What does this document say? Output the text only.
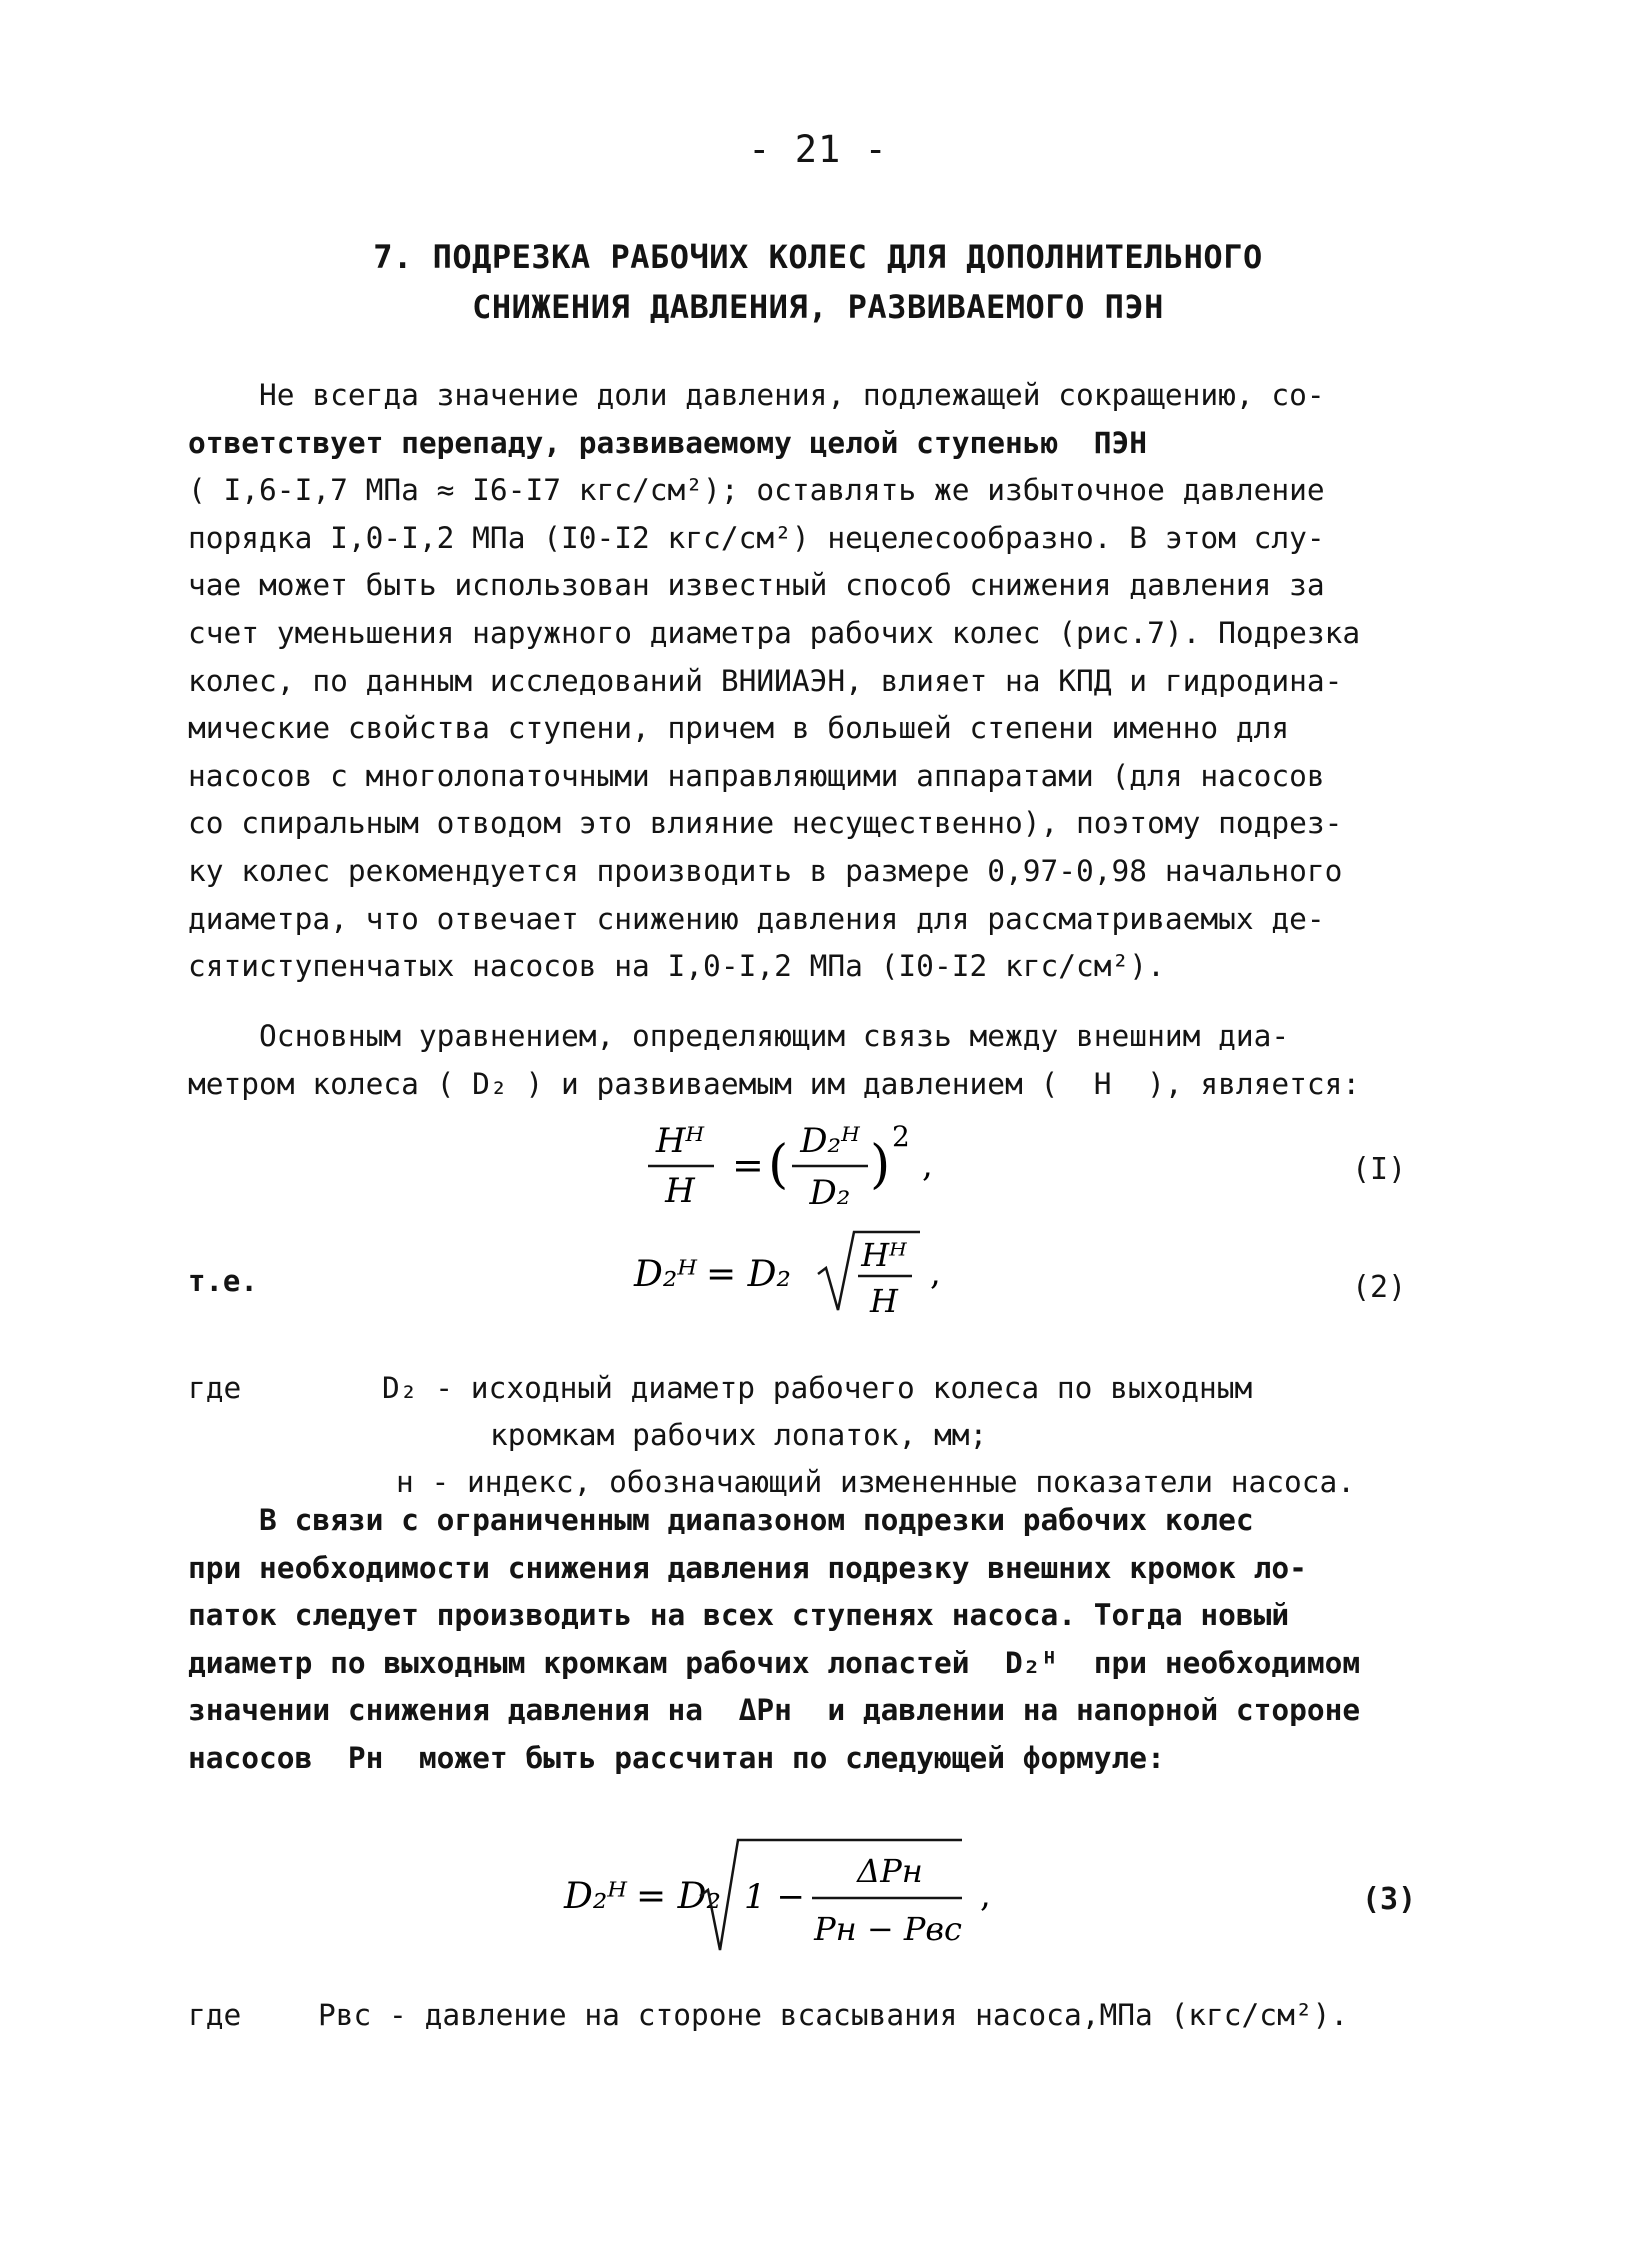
- 21 -
7. ПОДРЕЗКА РАБОЧИХ КОЛЕС ДЛЯ ДОПОЛНИТЕЛЬНОГО
СНИЖЕНИЯ ДАВЛЕНИЯ, РАЗВИВАЕМОГО ПЭН
Не всегда значение доли давления, подлежащей сокращению, со-
ответствует перепаду, развиваемому целой ступенью  ПЭН
( I,6-I,7 МПа ≈ I6-I7 кгс/см²); оставлять же избыточное давление
порядка I,0-I,2 МПа (I0-I2 кгс/см²) нецелесообразно. В этом слу-
чае может быть использован известный способ снижения давления за
счет уменьшения наружного диаметра рабочих колес (рис.7). Подрезка
колес, по данным исследований ВНИИАЭН, влияет на КПД и гидродина-
мические свойства ступени, причем в большей степени именно для
насосов с многолопаточными направляющими аппаратами (для насосов
со спиральным отводом это влияние несущественно), поэтому подрез-
ку колес рекомендуется производить в размере 0,97-0,98 начального
диаметра, что отвечает снижению давления для рассматриваемых де-
сятиступенчатых насосов на I,0-I,2 МПа (I0-I2 кгс/см²).
Основным уравнением, определяющим связь между внешним диа-
метром колеса ( D₂ ) и развиваемым им давлением (  H  ), является:
Hᴴ
H
= ( D₂ᴴ
D₂ ) 2
,	(I)
т.е.	D₂ᴴ = D₂ Hᴴ
H
,	(2)
где	D₂ - исходный диаметр рабочего колеса по выходным
кромкам рабочих лопаток, мм;
н - индекс, обозначающий измененные показатели насоса.
В связи с ограниченным диапазоном подрезки рабочих колес
при необходимости снижения давления подрезку внешних кромок ло-
паток следует производить на всех ступенях насоса. Тогда новый
диаметр по выходным кромкам рабочих лопастей  D₂ᴴ  при необходимом
значении снижения давления на  ΔPн  и давлении на напорной стороне
насосов  Pн  может быть рассчитан по следующей формуле:
D₂ᴴ = D₂ 1 −
ΔPн
Pн − Pвс
,	(3)
где	Pвс - давление на стороне всасывания насоса,МПа (кгс/см²).
